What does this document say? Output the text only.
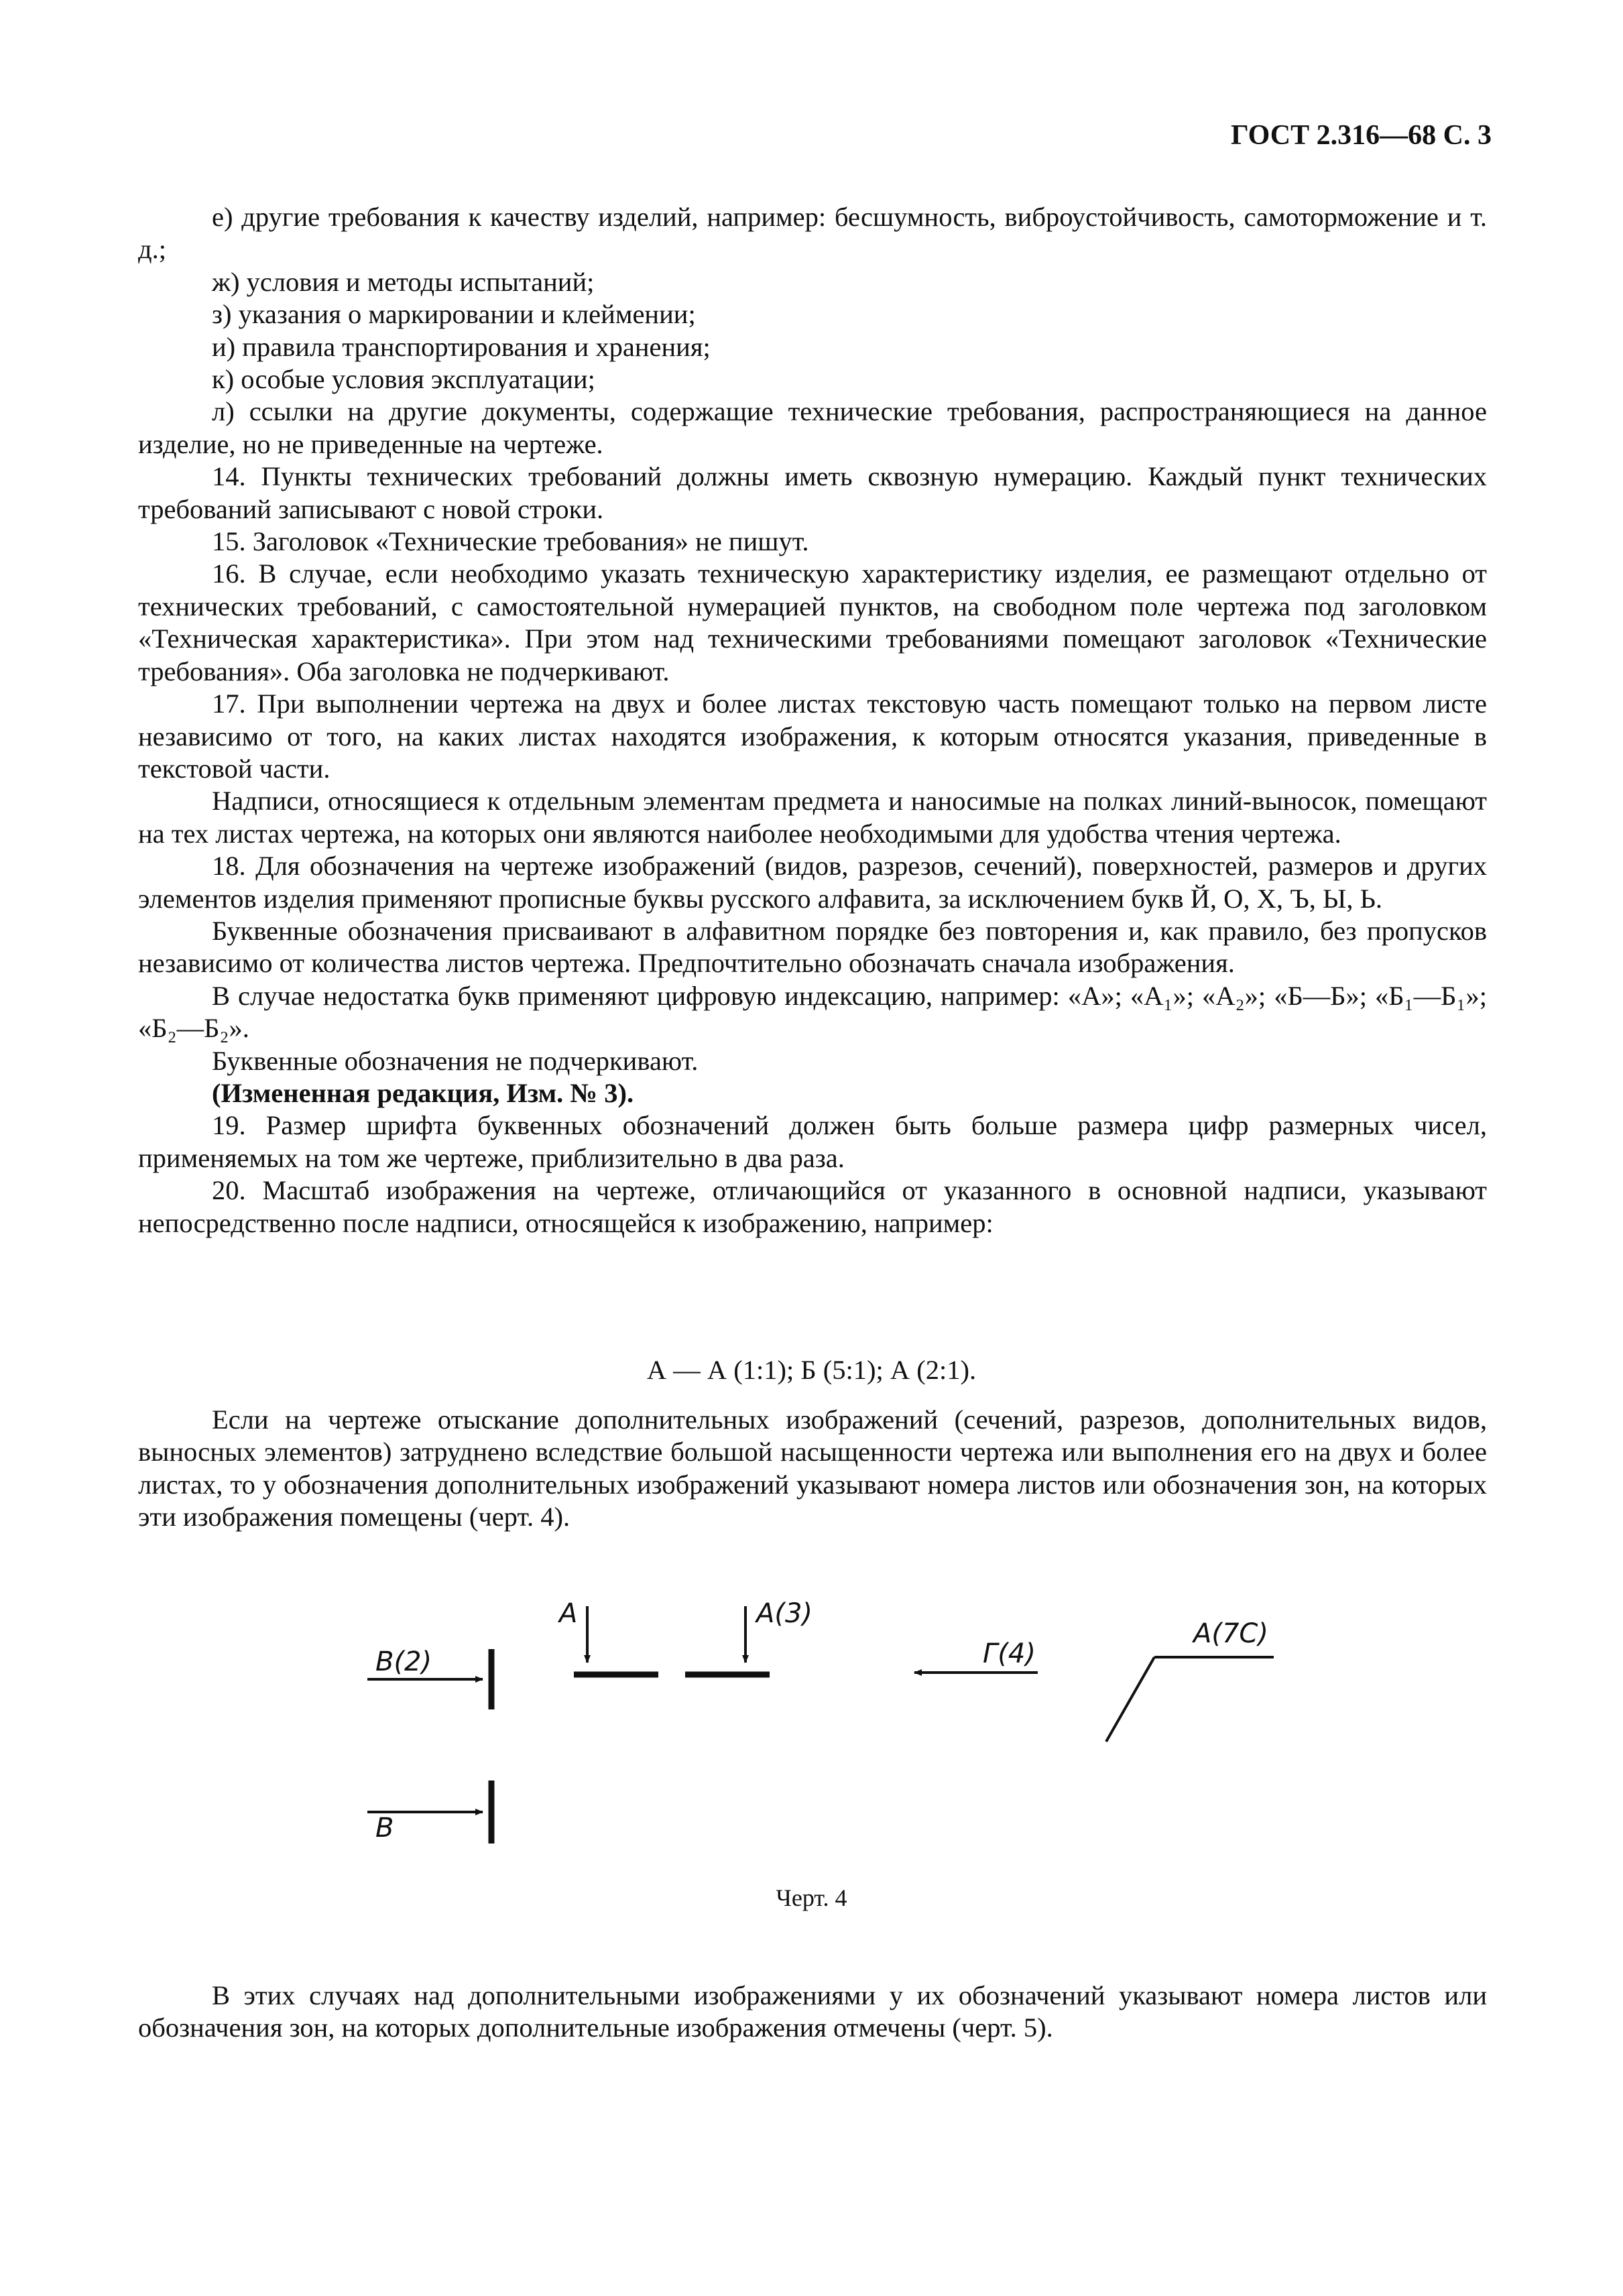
ГОСТ 2.316—68 С. 3

е) другие требования к качеству изделий, например: бесшумность, виброустойчивость, самоторможение и т. д.;

ж) условия и методы испытаний;

з) указания о маркировании и клеймении;

и) правила транспортирования и хранения;

к) особые условия эксплуатации;

л) ссылки на другие документы, содержащие технические требования, распространяющиеся на данное изделие, но не приведенные на чертеже.

14. Пункты технических требований должны иметь сквозную нумерацию. Каждый пункт технических требований записывают с новой строки.

15. Заголовок «Технические требования» не пишут.

16. В случае, если необходимо указать техническую характеристику изделия, ее размещают отдельно от технических требований, с самостоятельной нумерацией пунктов, на свободном поле чертежа под заголовком «Техническая характеристика». При этом над техническими требованиями помещают заголовок «Технические требования». Оба заголовка не подчеркивают.

17. При выполнении чертежа на двух и более листах текстовую часть помещают только на первом листе независимо от того, на каких листах находятся изображения, к которым относятся указания, приведенные в текстовой части.

Надписи, относящиеся к отдельным элементам предмета и наносимые на полках линий-выносок, помещают на тех листах чертежа, на которых они являются наиболее необходимыми для удобства чтения чертежа.

18. Для обозначения на чертеже изображений (видов, разрезов, сечений), поверхностей, размеров и других элементов изделия применяют прописные буквы русского алфавита, за исключением букв Й, О, Х, Ъ, Ы, Ь.

Буквенные обозначения присваивают в алфавитном порядке без повторения и, как правило, без пропусков независимо от количества листов чертежа. Предпочтительно обозначать сначала изображения.

В случае недостатка букв применяют цифровую индексацию, например: «А»; «А₁»; «А₂»; «Б—Б»; «Б₁—Б₁»; «Б₂—Б₂».

Буквенные обозначения не подчеркивают.

(Измененная редакция, Изм. № 3).

19. Размер шрифта буквенных обозначений должен быть больше размера цифр размерных чисел, применяемых на том же чертеже, приблизительно в два раза.

20. Масштаб изображения на чертеже, отличающийся от указанного в основной надписи, указывают непосредственно после надписи, относящейся к изображению, например:

А — А (1:1); Б (5:1); А (2:1).

Если на чертеже отыскание дополнительных изображений (сечений, разрезов, дополнительных видов, выносных элементов) затруднено вследствие большой насыщенности чертежа или выполнения его на двух и более листах, то у обозначения дополнительных изображений указывают номера листов или обозначения зон, на которых эти изображения помещены (черт. 4).

В(2)
В
А	А(3)
Г(4)
А(7С)
Черт. 4

В этих случаях над дополнительными изображениями у их обозначений указывают номера листов или обозначения зон, на которых дополнительные изображения отмечены (черт. 5).
